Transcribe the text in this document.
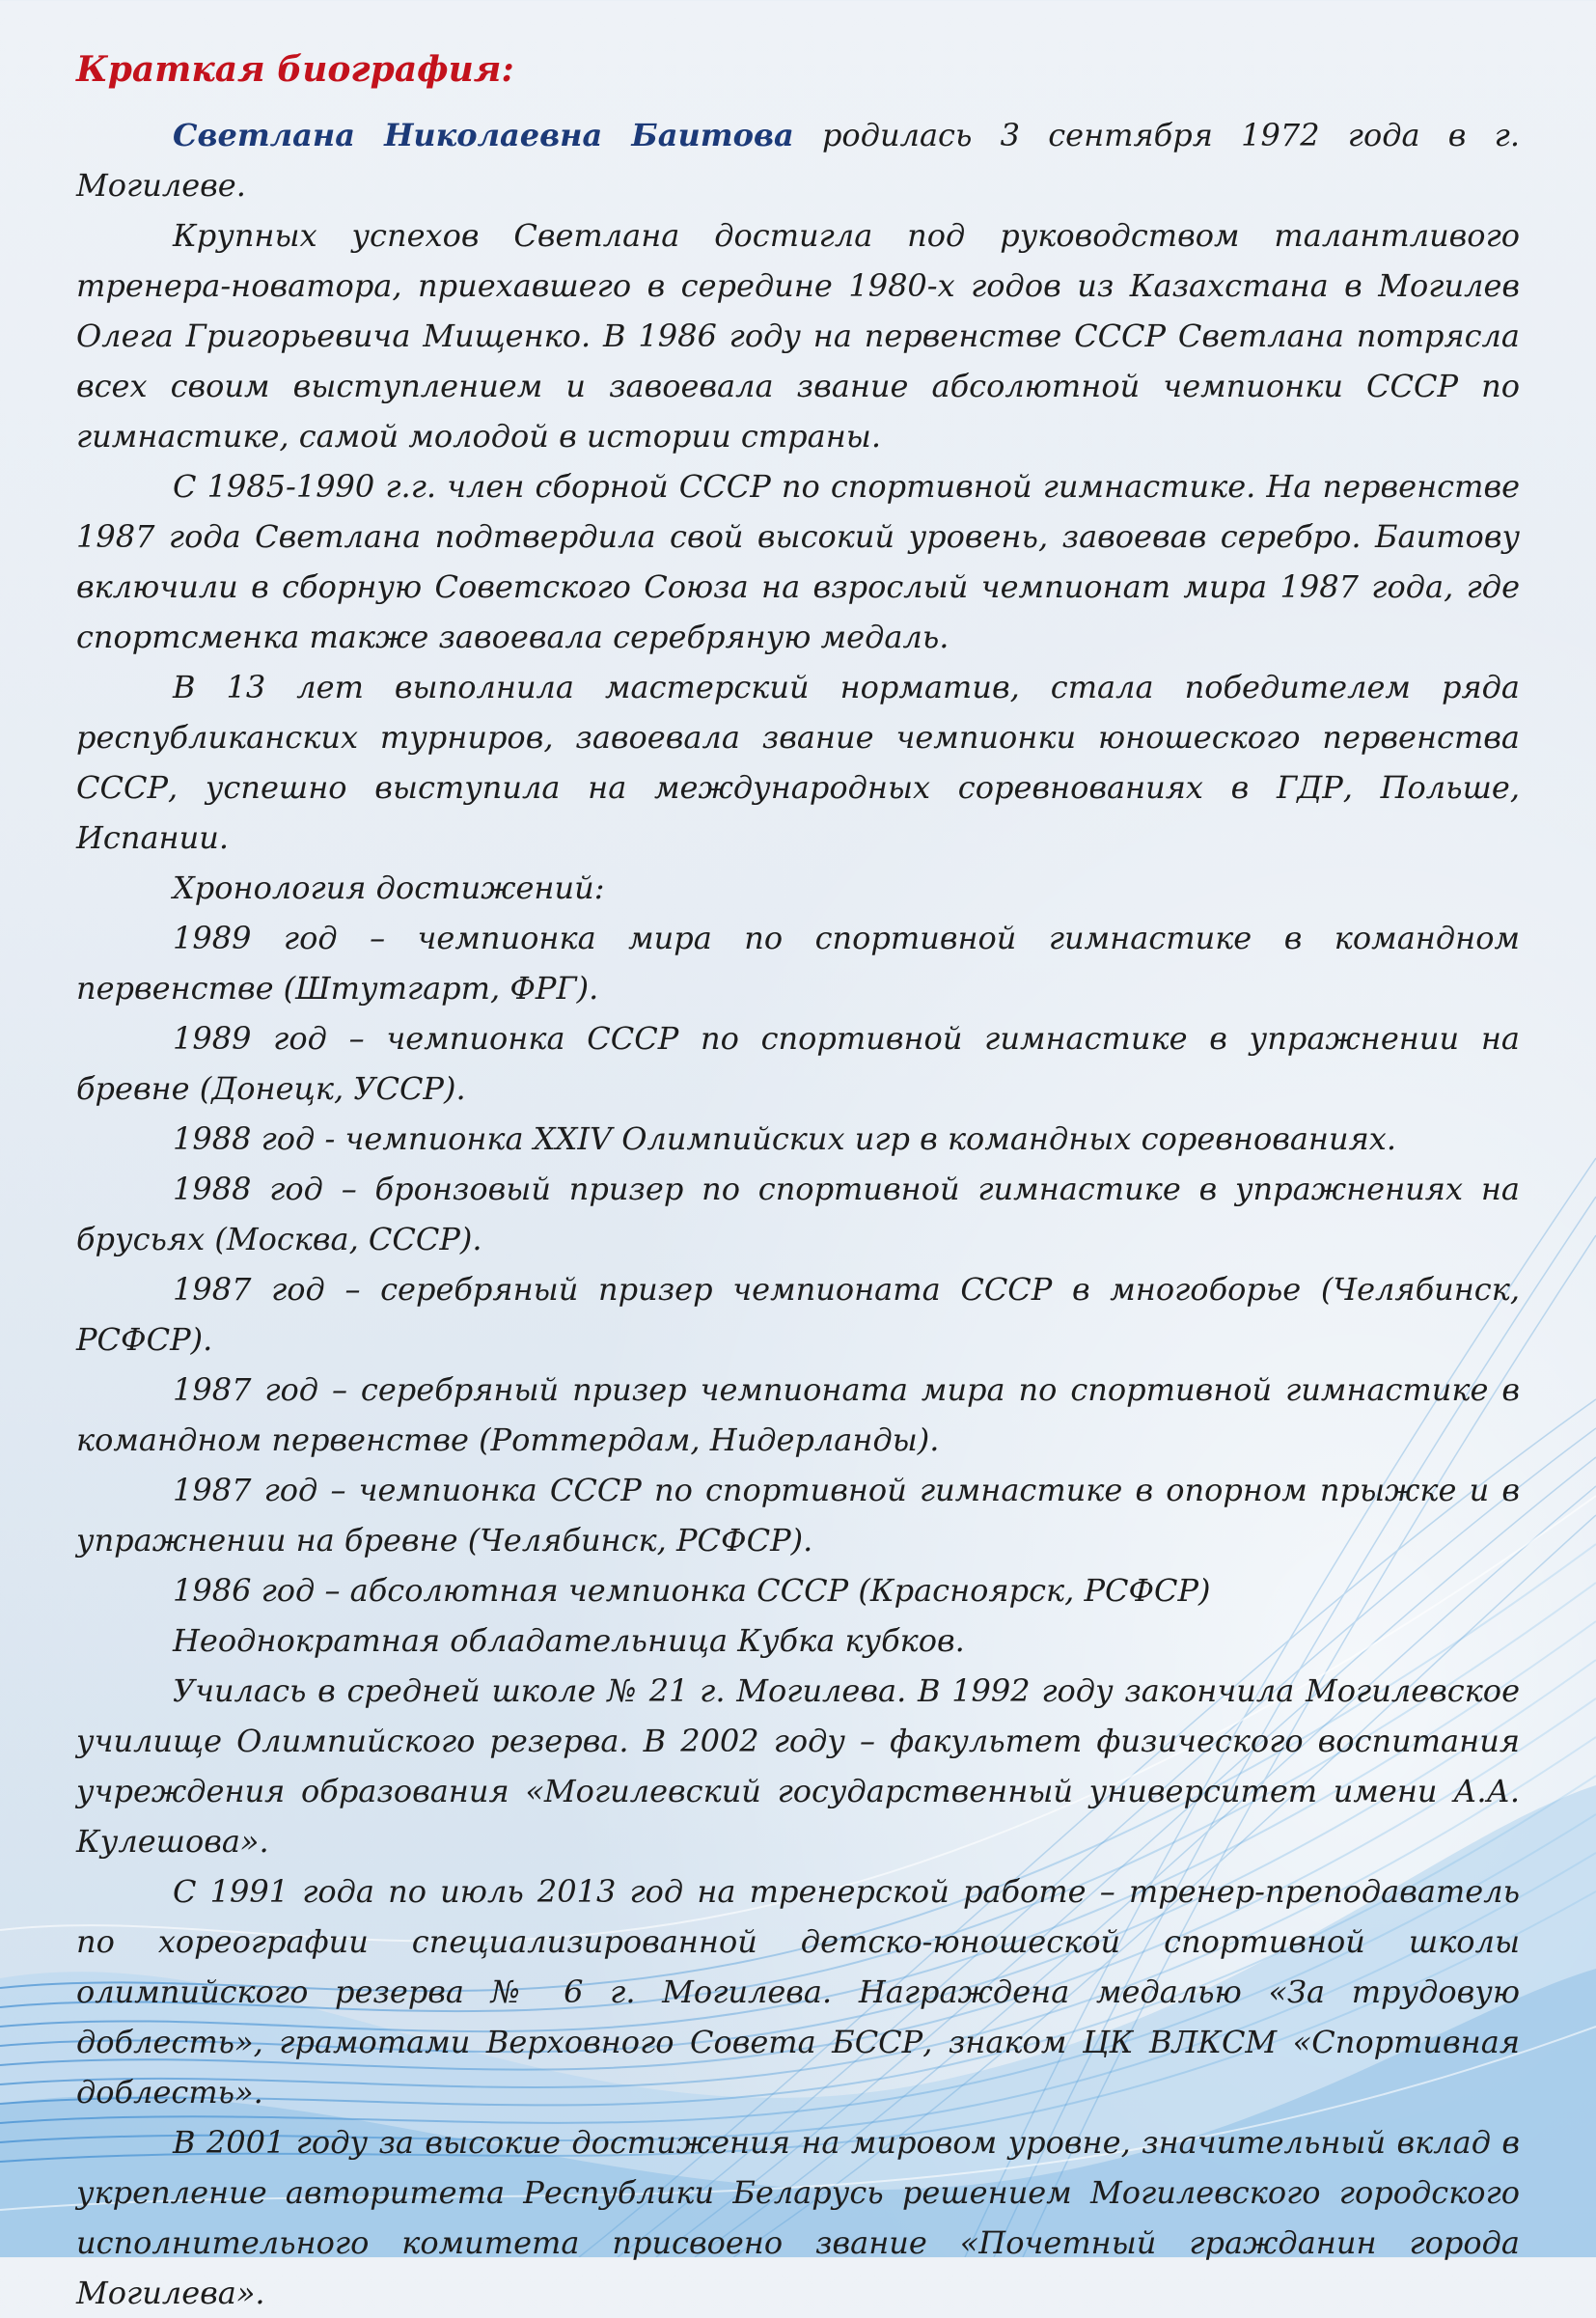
Краткая биография:

Светлана Николаевна Баитова родилась 3 сентября 1972 года в г. Могилеве.

Крупных успехов Светлана достигла под руководством талантливого тренера-новатора, приехавшего в середине 1980-х годов из Казахстана в Могилев Олега Григорьевича Мищенко. В 1986 году на первенстве СССР Светлана потрясла всех своим выступлением и завоевала звание абсолютной чемпионки СССР по гимнастике, самой молодой в истории страны.

С 1985-1990 г.г. член сборной СССР по спортивной гимнастике. На первенстве 1987 года Светлана подтвердила свой высокий уровень, завоевав серебро. Баитову включили в сборную Советского Союза на взрослый чемпионат мира 1987 года, где спортсменка также завоевала серебряную медаль.

В 13 лет выполнила мастерский норматив, стала победителем ряда республиканских турниров, завоевала звание чемпионки юношеского первенства СССР, успешно выступила на международных соревнованиях в ГДР, Польше, Испании.

Хронология достижений:

1989 год – чемпионка мира по спортивной гимнастике в командном первенстве (Штутгарт, ФРГ).

1989 год – чемпионка СССР по спортивной гимнастике в упражнении на бревне (Донецк, УССР).

1988 год - чемпионка XXIV Олимпийских игр в командных соревнованиях.

1988 год – бронзовый призер по спортивной гимнастике в упражнениях на брусьях (Москва, СССР).

1987 год – серебряный призер чемпионата СССР в многоборье (Челябинск, РСФСР).

1987 год – серебряный призер чемпионата мира по спортивной гимнастике в командном первенстве (Роттердам, Нидерланды).

1987 год – чемпионка СССР по спортивной гимнастике в опорном прыжке и в упражнении на бревне (Челябинск, РСФСР).

1986 год – абсолютная чемпионка СССР (Красноярск, РСФСР)

Неоднократная обладательница Кубка кубков.

Училась в средней школе № 21 г. Могилева. В 1992 году закончила Могилевское училище Олимпийского резерва. В 2002 году – факультет физического воспитания учреждения образования «Могилевский государственный университет имени А.А. Кулешова».

С 1991 года по июль 2013 год на тренерской работе – тренер-преподаватель по хореографии специализированной детско-юношеской спортивной школы олимпийского резерва № 6 г. Могилева. Награждена медалью «За трудовую доблесть», грамотами Верховного Совета БССР, знаком ЦК ВЛКСМ «Спортивная доблесть».

В 2001 году за высокие достижения на мировом уровне, значительный вклад в укрепление авторитета Республики Беларусь решением Могилевского городского исполнительного комитета присвоено звание «Почетный гражданин города Могилева».
